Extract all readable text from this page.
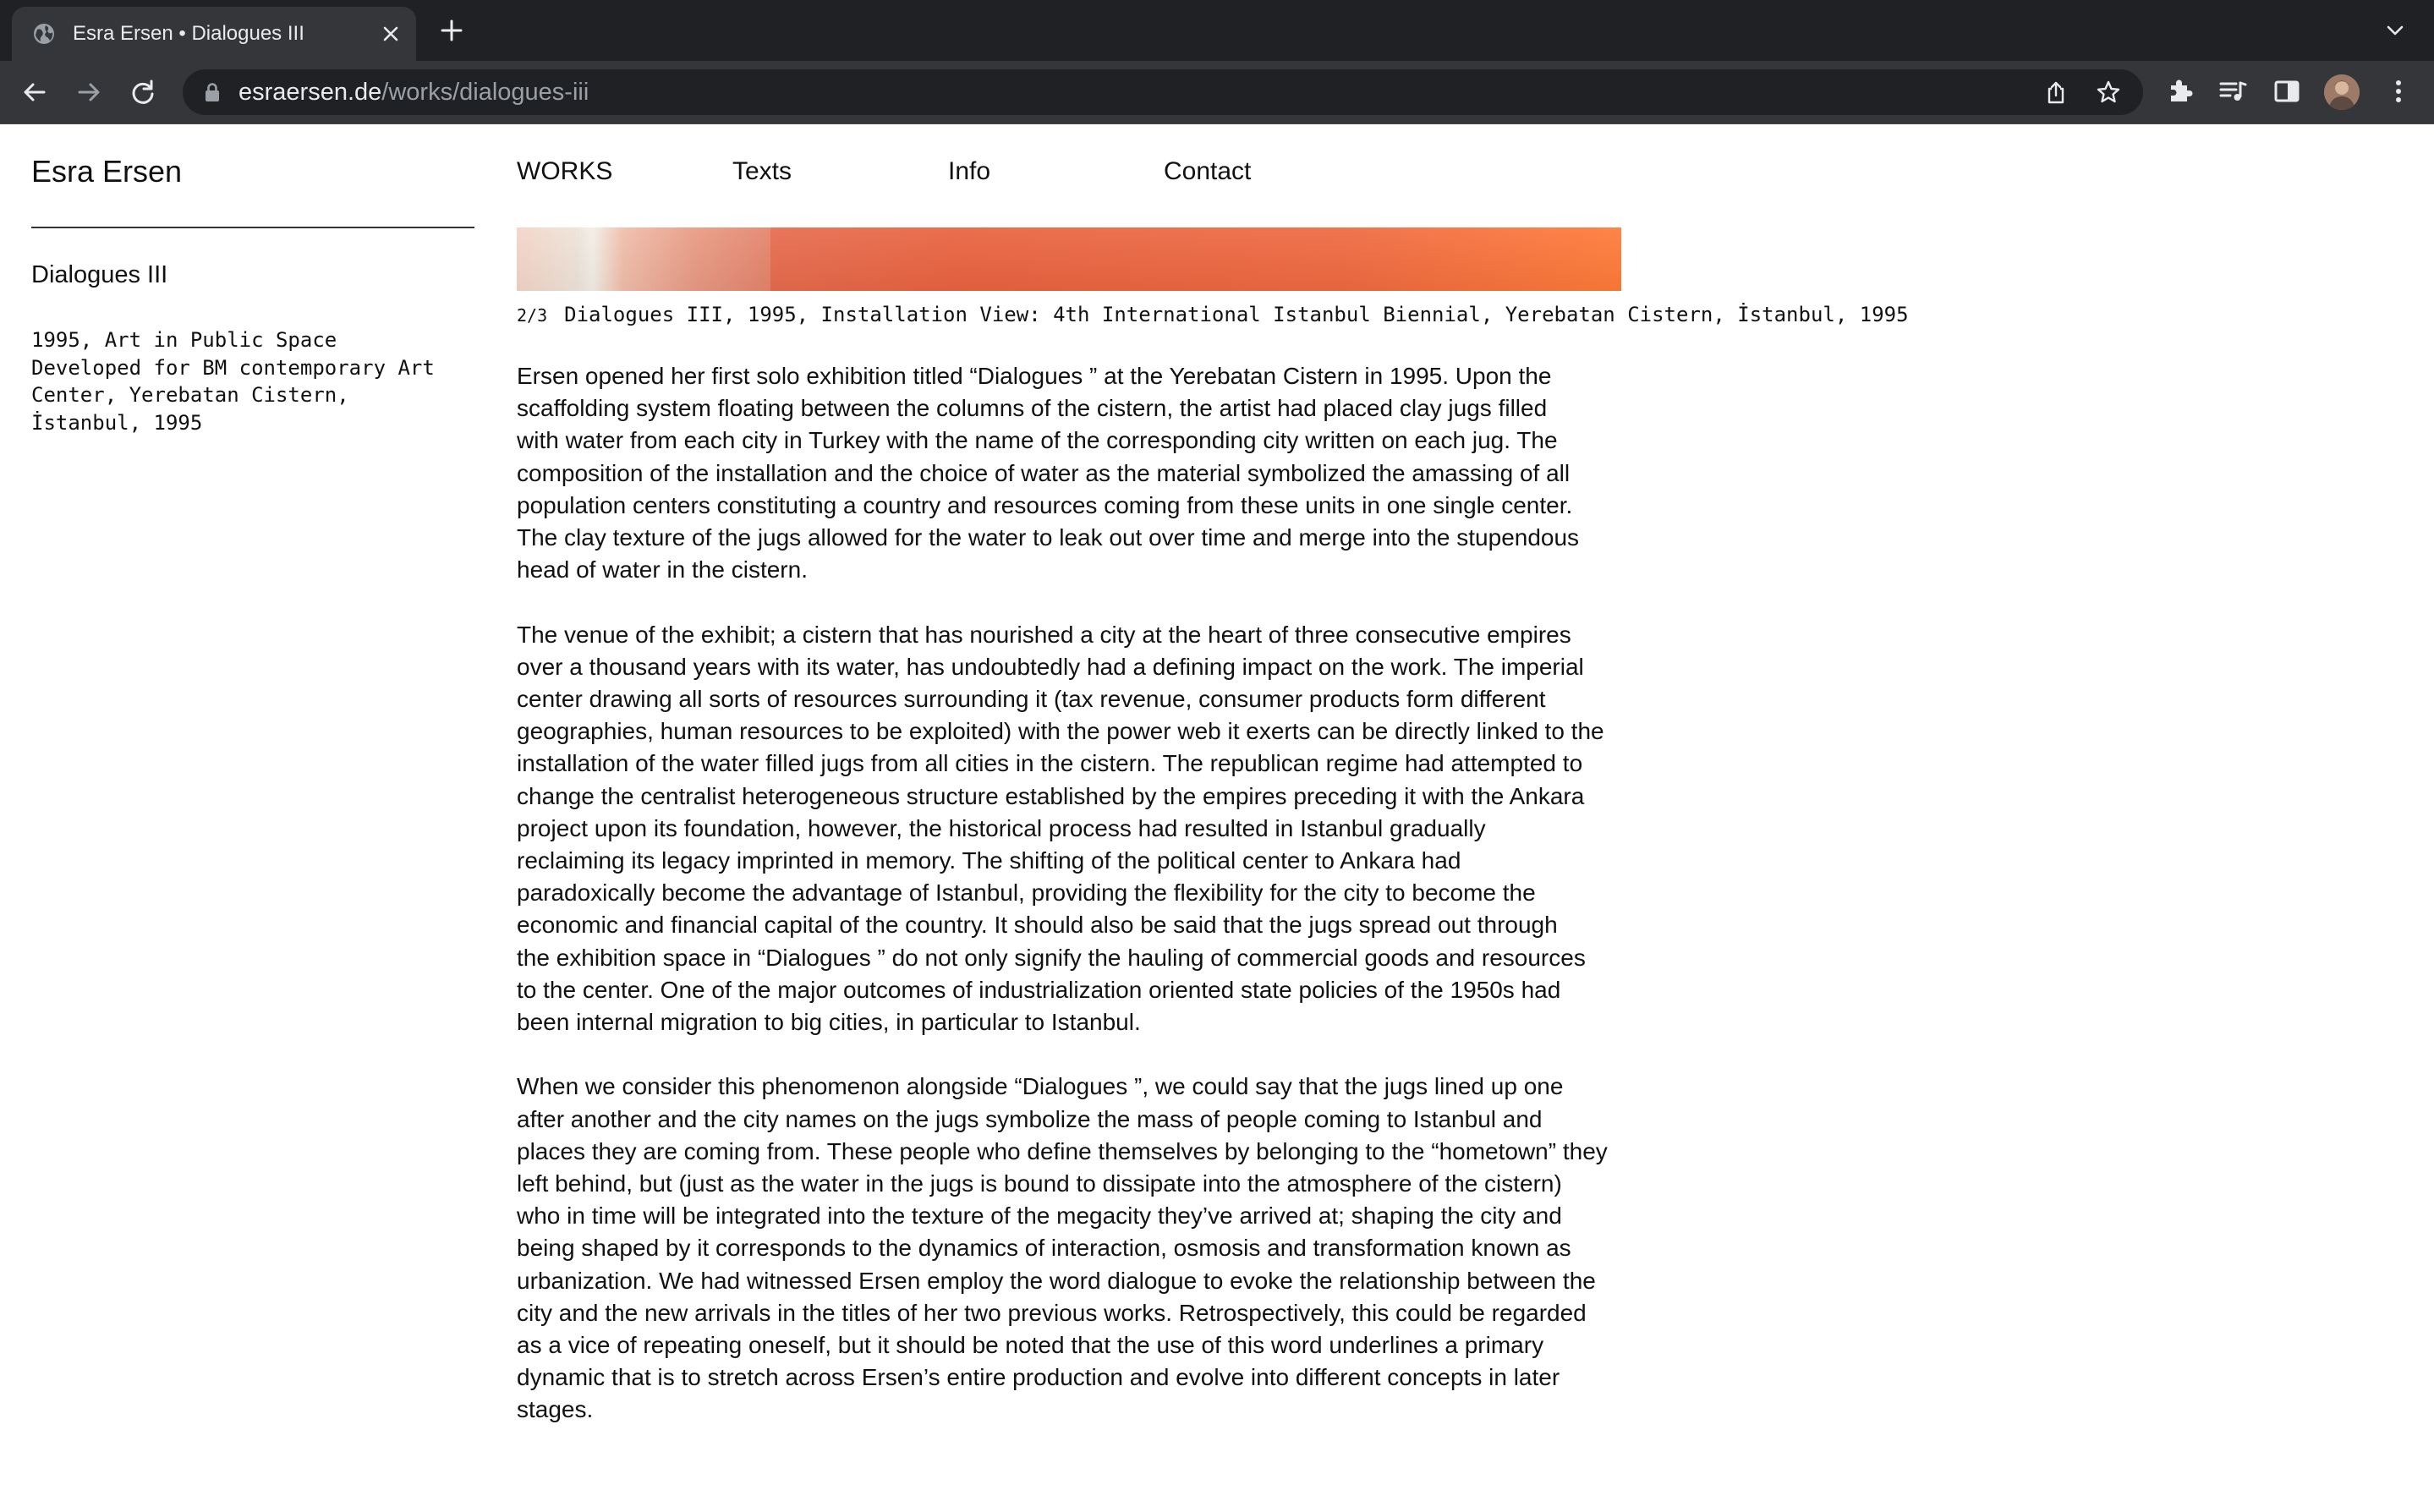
Esra Ersen • Dialogues III
esraersen.de/works/dialogues-iii
Esra Ersen	WORKS	Texts	Info	Contact
Dialogues III
1995, Art in Public Space
Developed for BM contemporary Art
Center, Yerebatan Cistern,
İstanbul, 1995
2/3 Dialogues III, 1995, Installation View: 4th International Istanbul Biennial, Yerebatan Cistern, İstanbul, 1995

Ersen opened her first solo exhibition titled “Dialogues ” at the Yerebatan Cistern in 1995. Upon the
scaffolding system floating between the columns of the cistern, the artist had placed clay jugs filled
with water from each city in Turkey with the name of the corresponding city written on each jug. The
composition of the installation and the choice of water as the material symbolized the amassing of all
population centers constituting a country and resources coming from these units in one single center.
The clay texture of the jugs allowed for the water to leak out over time and merge into the stupendous
head of water in the cistern.

The venue of the exhibit; a cistern that has nourished a city at the heart of three consecutive empires
over a thousand years with its water, has undoubtedly had a defining impact on the work. The imperial
center drawing all sorts of resources surrounding it (tax revenue, consumer products form different
geographies, human resources to be exploited) with the power web it exerts can be directly linked to the
installation of the water filled jugs from all cities in the cistern. The republican regime had attempted to
change the centralist heterogeneous structure established by the empires preceding it with the Ankara
project upon its foundation, however, the historical process had resulted in Istanbul gradually
reclaiming its legacy imprinted in memory. The shifting of the political center to Ankara had
paradoxically become the advantage of Istanbul, providing the flexibility for the city to become the
economic and financial capital of the country. It should also be said that the jugs spread out through
the exhibition space in “Dialogues ” do not only signify the hauling of commercial goods and resources
to the center. One of the major outcomes of industrialization oriented state policies of the 1950s had
been internal migration to big cities, in particular to Istanbul.

When we consider this phenomenon alongside “Dialogues ”, we could say that the jugs lined up one
after another and the city names on the jugs symbolize the mass of people coming to Istanbul and
places they are coming from. These people who define themselves by belonging to the “hometown” they
left behind, but (just as the water in the jugs is bound to dissipate into the atmosphere of the cistern)
who in time will be integrated into the texture of the megacity they’ve arrived at; shaping the city and
being shaped by it corresponds to the dynamics of interaction, osmosis and transformation known as
urbanization. We had witnessed Ersen employ the word dialogue to evoke the relationship between the
city and the new arrivals in the titles of her two previous works. Retrospectively, this could be regarded
as a vice of repeating oneself, but it should be noted that the use of this word underlines a primary
dynamic that is to stretch across Ersen’s entire production and evolve into different concepts in later
stages.
